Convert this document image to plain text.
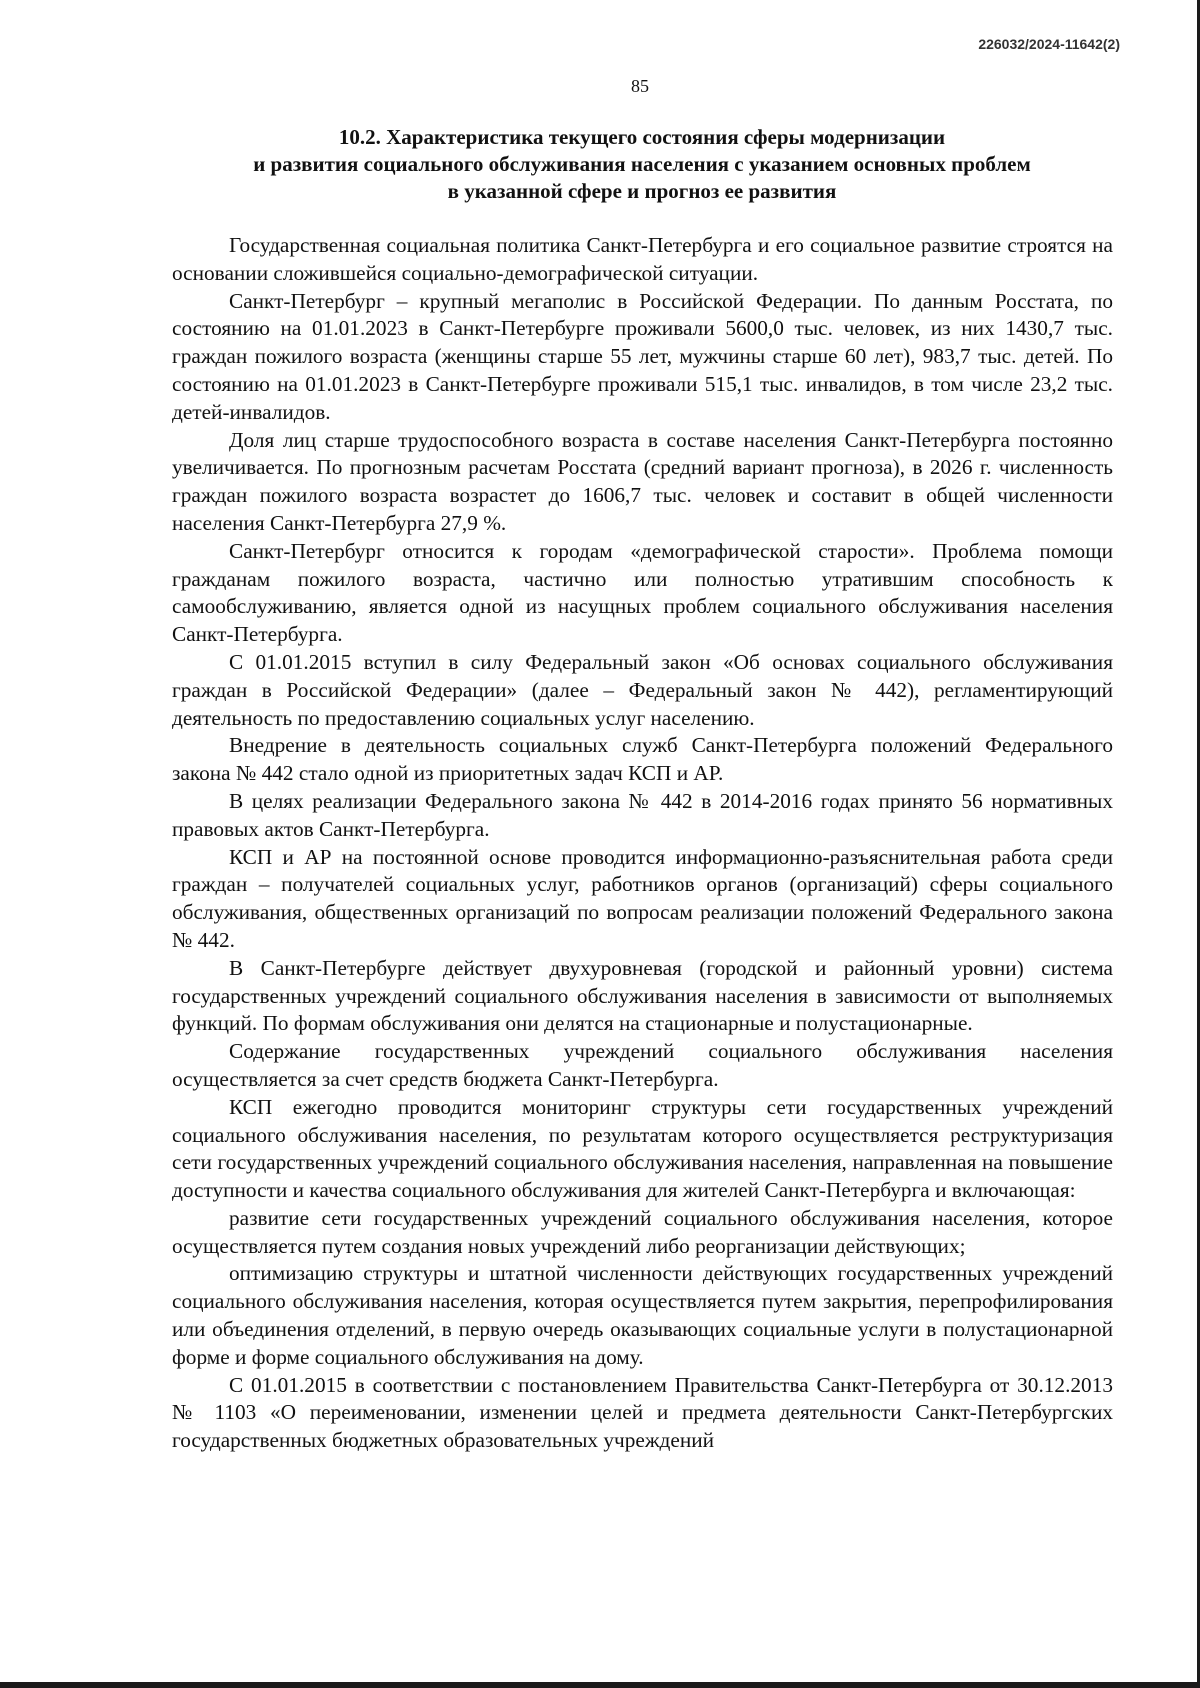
226032/2024-11642(2)
85
10.2. Характеристика текущего состояния сферы модернизации
и развития социального обслуживания населения с указанием основных проблем
в указанной сфере и прогноз ее развития

Государственная социальная политика Санкт-Петербурга и его социальное развитие строятся на основании сложившейся социально-демографической ситуации.

Санкт-Петербург – крупный мегаполис в Российской Федерации. По данным Росстата, по состоянию на 01.01.2023 в Санкт-Петербурге проживали 5600,0 тыс. человек, из них 1430,7 тыс. граждан пожилого возраста (женщины старше 55 лет, мужчины старше 60 лет), 983,7 тыс. детей. По состоянию на 01.01.2023 в Санкт-Петербурге проживали 515,1 тыс. инвалидов, в том числе 23,2 тыс. детей-инвалидов.

Доля лиц старше трудоспособного возраста в составе населения Санкт-Петербурга постоянно увеличивается. По прогнозным расчетам Росстата (средний вариант прогноза), в 2026 г. численность граждан пожилого возраста возрастет до 1606,7 тыс. человек и составит в общей численности населения Санкт-Петербурга 27,9 %.

Санкт-Петербург относится к городам «демографической старости». Проблема помощи гражданам пожилого возраста, частично или полностью утратившим способность к самообслуживанию, является одной из насущных проблем социального обслуживания населения Санкт-Петербурга.

С 01.01.2015 вступил в силу Федеральный закон «Об основах социального обслуживания граждан в Российской Федерации» (далее – Федеральный закон № 442), регламентирующий деятельность по предоставлению социальных услуг населению.

Внедрение в деятельность социальных служб Санкт-Петербурга положений Федерального закона № 442 стало одной из приоритетных задач КСП и АР.

В целях реализации Федерального закона № 442 в 2014-2016 годах принято 56 нормативных правовых актов Санкт-Петербурга.

КСП и АР на постоянной основе проводится информационно-разъяснительная работа среди граждан – получателей социальных услуг, работников органов (организаций) сферы социального обслуживания, общественных организаций по вопросам реализации положений Федерального закона № 442.

В Санкт-Петербурге действует двухуровневая (городской и районный уровни) система государственных учреждений социального обслуживания населения в зависимости от выполняемых функций. По формам обслуживания они делятся на стационарные и полустационарные.

Содержание государственных учреждений социального обслуживания населения осуществляется за счет средств бюджета Санкт-Петербурга.

КСП ежегодно проводится мониторинг структуры сети государственных учреждений социального обслуживания населения, по результатам которого осуществляется реструктуризация сети государственных учреждений социального обслуживания населения, направленная на повышение доступности и качества социального обслуживания для жителей Санкт-Петербурга и включающая:

развитие сети государственных учреждений социального обслуживания населения, которое осуществляется путем создания новых учреждений либо реорганизации действующих;

оптимизацию структуры и штатной численности действующих государственных учреждений социального обслуживания населения, которая осуществляется путем закрытия, перепрофилирования или объединения отделений, в первую очередь оказывающих социальные услуги в полустационарной форме и форме социального обслуживания на дому.

С 01.01.2015 в соответствии с постановлением Правительства Санкт-Петербурга от 30.12.2013 № 1103 «О переименовании, изменении целей и предмета деятельности Санкт-Петербургских государственных бюджетных образовательных учреждений
